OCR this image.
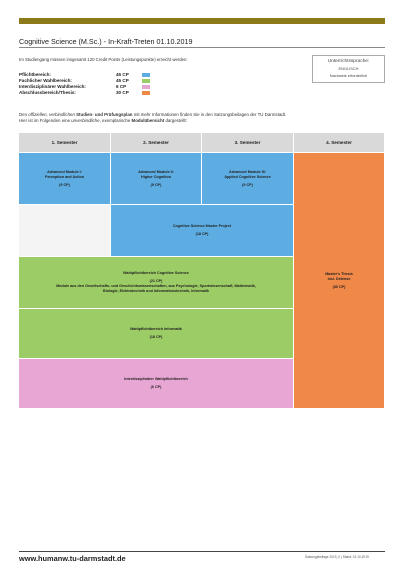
Cognitive Science (M.Sc.) - In-Kraft-Treten 01.10.2019
Im Studiengang müssen insgesamt 120 Credit Points (Leistungspunkte) erreicht werden:	Unterrichtssprache:
ENGLISCH
Nachweis erforderlich
Pflichtbereich:	45 CP
Fachlicher Wahlbereich:	45 CP
Interdisziplinärer Wahlbereich:	6 CP
Abschlussbereich/Thesis:	30 CP
Den offiziellen, verbindlichen Studien- und Prüfungsplan mit mehr Informationen finden Sie in den Satzungsbeilagen der TU Darmstadt.
Hier ist im Folgenden eine unverbindliche, exemplarische Modulübersicht dargestellt:
1. Semester	2. Semester	3. Semester	4. Semester
Advanced Module I:
Perception and Action
(9 CP)
Advanced Module II:
Higher Cognition
(9 CP)
Advanced Module III:
Applied Cognitive Science
(9 CP)
Master's Thesis
incl. Defense
(30 CP)
Cognitive Science Master Project
(18 CP)
Wahlpflichtbereich Cognitive Science
(21 CP)
Module aus den Gesellschafts- und Geschichtswissenschaften, aus Psychologie, Sportwissenschaft, Mathematik,
Biologie, Elektrotechnik und Informationstechnik, Informatik
Wahlpflichtbereich Informatik
(18 CP)
Interdisziplinärer Wahlpflichtbereich
(6 CP)
www.humanw.tu-darmstadt.de	Satzungsbeilage 2019_II | Stand: 01.10.2019
